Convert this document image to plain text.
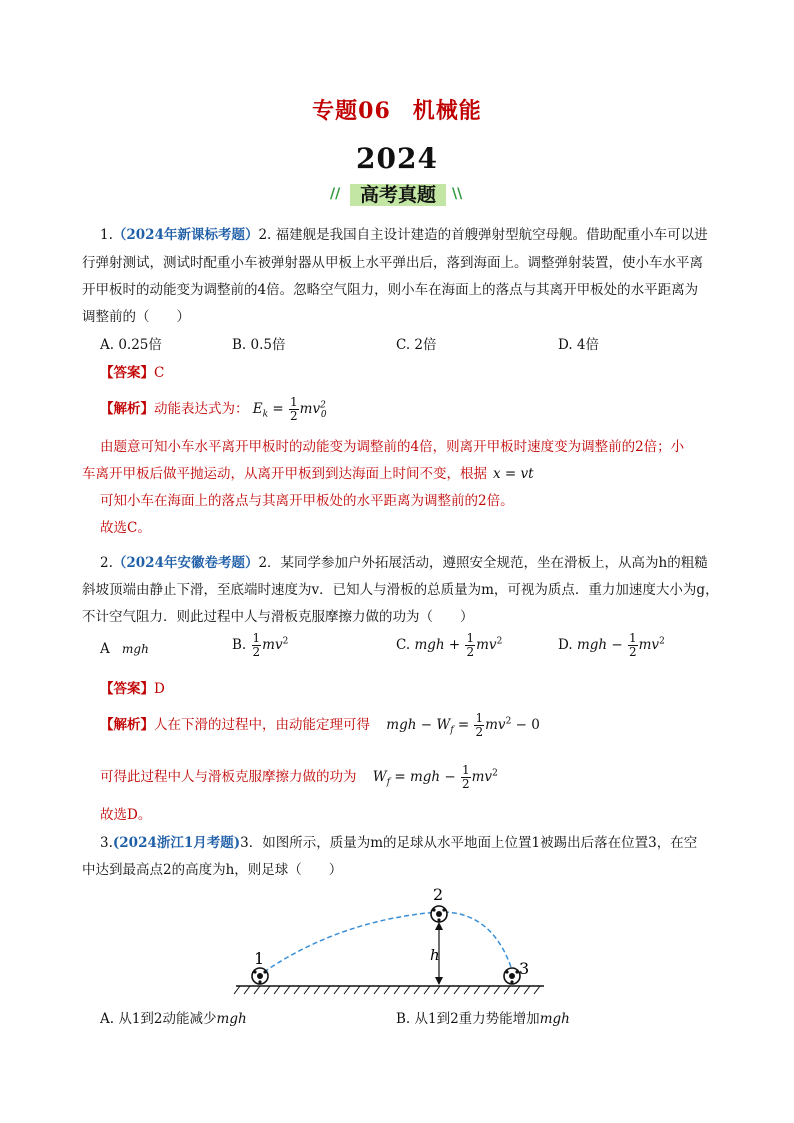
专题06 机械能
2024
//	高考真题	\\
1.（2024年新课标考题）2. 福建舰是我国自主设计建造的首艘弹射型航空母舰。借助配重小车可以进
行弹射测试，测试时配重小车被弹射器从甲板上水平弹出后，落到海面上。调整弹射装置，使小车水平离
开甲板时的动能变为调整前的4倍。忽略空气阻力，则小车在海面上的落点与其离开甲板处的水平距离为
调整前的（　　）
A. 0.25倍	B. 0.5倍	C. 2倍	D. 4倍
【答案】C
【解析】动能表达式为： $E_k = \frac{1}{2} mv^2_0$
由题意可知小车水平离开甲板时的动能变为调整前的4倍，则离开甲板时速度变为调整前的2倍；小
车离开甲板后做平抛运动，从离开甲板到到达海面上时间不变，根据 x = vt
可知小车在海面上的落点与其离开甲板处的水平距离为调整前的2倍。
故选C。
2.（2024年安徽卷考题）2．某同学参加户外拓展活动，遵照安全规范，坐在滑板上，从高为h的粗糙
斜坡顶端由静止下滑，至底端时速度为v．已知人与滑板的总质量为m，可视为质点．重力加速度大小为g，
不计空气阻力．则此过程中人与滑板克服摩擦力做的功为（　　）
A mgh	B. $\frac{1}{2} mv^2$	C. mgh + $\frac{1}{2} mv^2$	D. mgh − $\frac{1}{2} mv^2$
【答案】D
【解析】人在下滑的过程中，由动能定理可得 mgh − $W_f = \frac{1}{2} mv^2 - 0$
可得此过程中人与滑板克服摩擦力做的功为 $W_f$ = mgh − $\frac{1}{2} mv^2$
故选D。
3.(2024浙江1月考题)3．如图所示，质量为m的足球从水平地面上位置1被踢出后落在位置3，在空
中达到最高点2的高度为h，则足球（　　）
1
2
3
h
A. 从1到2动能减少mgh	B. 从1到2重力势能增加mgh
